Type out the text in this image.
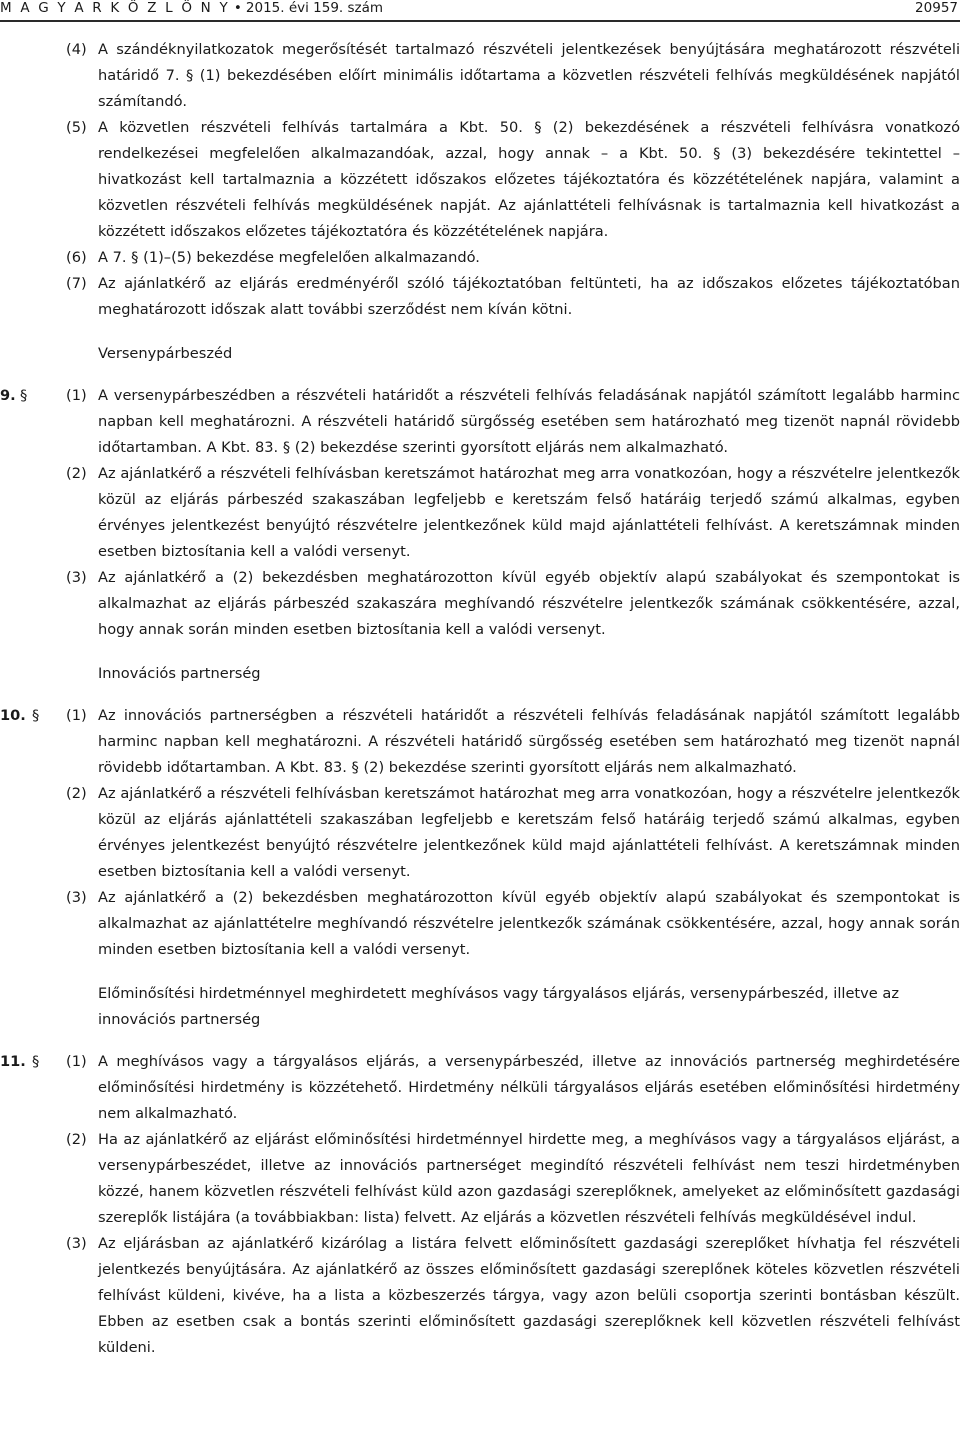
M A G Y A R K Ö Z L Ö N Y • 2015. évi 159. szám	20957
(4) A szándéknyilatkozatok megerősítését tartalmazó részvételi jelentkezések benyújtására meghatározott részvételi határidő 7. § (1) bekezdésében előírt minimális időtartama a közvetlen részvételi felhívás megküldésének napjától számítandó.
(5) A közvetlen részvételi felhívás tartalmára a Kbt. 50. § (2) bekezdésének a részvételi felhívásra vonatkozó rendelkezései megfelelően alkalmazandóak, azzal, hogy annak – a Kbt. 50. § (3) bekezdésére tekintettel – hivatkozást kell tartalmaznia a közzétett időszakos előzetes tájékoztatóra és közzétételének napjára, valamint a közvetlen részvételi felhívás megküldésének napját. Az ajánlattételi felhívásnak is tartalmaznia kell hivatkozást a közzétett időszakos előzetes tájékoztatóra és közzétételének napjára.
(6) A 7. § (1)–(5) bekezdése megfelelően alkalmazandó.
(7) Az ajánlatkérő az eljárás eredményéről szóló tájékoztatóban feltünteti, ha az időszakos előzetes tájékoztatóban meghatározott időszak alatt további szerződést nem kíván kötni.
Versenypárbeszéd
9. §	(1) A versenypárbeszédben a részvételi határidőt a részvételi felhívás feladásának napjától számított legalább harminc napban kell meghatározni. A részvételi határidő sürgősség esetében sem határozható meg tizenöt napnál rövidebb időtartamban. A Kbt. 83. § (2) bekezdése szerinti gyorsított eljárás nem alkalmazható.
(2) Az ajánlatkérő a részvételi felhívásban keretszámot határozhat meg arra vonatkozóan, hogy a részvételre jelentkezők közül az eljárás párbeszéd szakaszában legfeljebb e keretszám felső határáig terjedő számú alkalmas, egyben érvényes jelentkezést benyújtó részvételre jelentkezőnek küld majd ajánlattételi felhívást. A keretszámnak minden esetben biztosítania kell a valódi versenyt.
(3) Az ajánlatkérő a (2) bekezdésben meghatározotton kívül egyéb objektív alapú szabályokat és szempontokat is alkalmazhat az eljárás párbeszéd szakaszára meghívandó részvételre jelentkezők számának csökkentésére, azzal, hogy annak során minden esetben biztosítania kell a valódi versenyt.
Innovációs partnerség
10. § (1) Az innovációs partnerségben a részvételi határidőt a részvételi felhívás feladásának napjától számított legalább harminc napban kell meghatározni. A részvételi határidő sürgősség esetében sem határozható meg tizenöt napnál rövidebb időtartamban. A Kbt. 83. § (2) bekezdése szerinti gyorsított eljárás nem alkalmazható.
(2) Az ajánlatkérő a részvételi felhívásban keretszámot határozhat meg arra vonatkozóan, hogy a részvételre jelentkezők közül az eljárás ajánlattételi szakaszában legfeljebb e keretszám felső határáig terjedő számú alkalmas, egyben érvényes jelentkezést benyújtó részvételre jelentkezőnek küld majd ajánlattételi felhívást. A keretszámnak minden esetben biztosítania kell a valódi versenyt.
(3) Az ajánlatkérő a (2) bekezdésben meghatározotton kívül egyéb objektív alapú szabályokat és szempontokat is alkalmazhat az ajánlattételre meghívandó részvételre jelentkezők számának csökkentésére, azzal, hogy annak során minden esetben biztosítania kell a valódi versenyt.
Előminősítési hirdetménnyel meghirdetett meghívásos vagy tárgyalásos eljárás, versenypárbeszéd, illetve az innovációs partnerség
11. § (1) A meghívásos vagy a tárgyalásos eljárás, a versenypárbeszéd, illetve az innovációs partnerség meghirdetésére előminősítési hirdetmény is közzétehető. Hirdetmény nélküli tárgyalásos eljárás esetében előminősítési hirdetmény nem alkalmazható.
(2) Ha az ajánlatkérő az eljárást előminősítési hirdetménnyel hirdette meg, a meghívásos vagy a tárgyalásos eljárást, a versenypárbeszédet, illetve az innovációs partnerséget megindító részvételi felhívást nem teszi hirdetményben közzé, hanem közvetlen részvételi felhívást küld azon gazdasági szereplőknek, amelyeket az előminősített gazdasági szereplők listájára (a továbbiakban: lista) felvett. Az eljárás a közvetlen részvételi felhívás megküldésével indul.
(3) Az eljárásban az ajánlatkérő kizárólag a listára felvett előminősített gazdasági szereplőket hívhatja fel részvételi jelentkezés benyújtására. Az ajánlatkérő az összes előminősített gazdasági szereplőnek köteles közvetlen részvételi felhívást küldeni, kivéve, ha a lista a közbeszerzés tárgya, vagy azon belüli csoportja szerinti bontásban készült. Ebben az esetben csak a bontás szerinti előminősített gazdasági szereplőknek kell közvetlen részvételi felhívást küldeni.
